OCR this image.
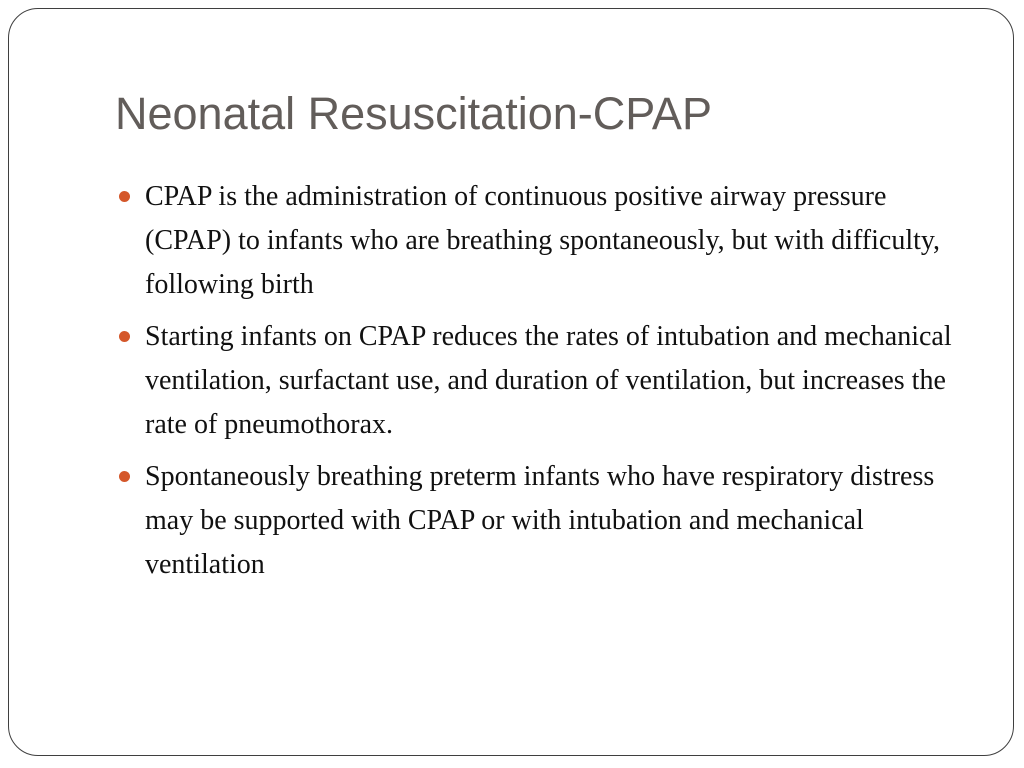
Neonatal Resuscitation-CPAP
CPAP is the administration of continuous positive airway pressure (CPAP) to infants who are breathing spontaneously, but with difficulty, following birth
Starting infants on CPAP reduces the rates of intubation and mechanical ventilation, surfactant use, and duration of ventilation, but increases the rate of pneumothorax.
Spontaneously breathing preterm infants who have respiratory distress may be supported with CPAP or with intubation and mechanical ventilation
